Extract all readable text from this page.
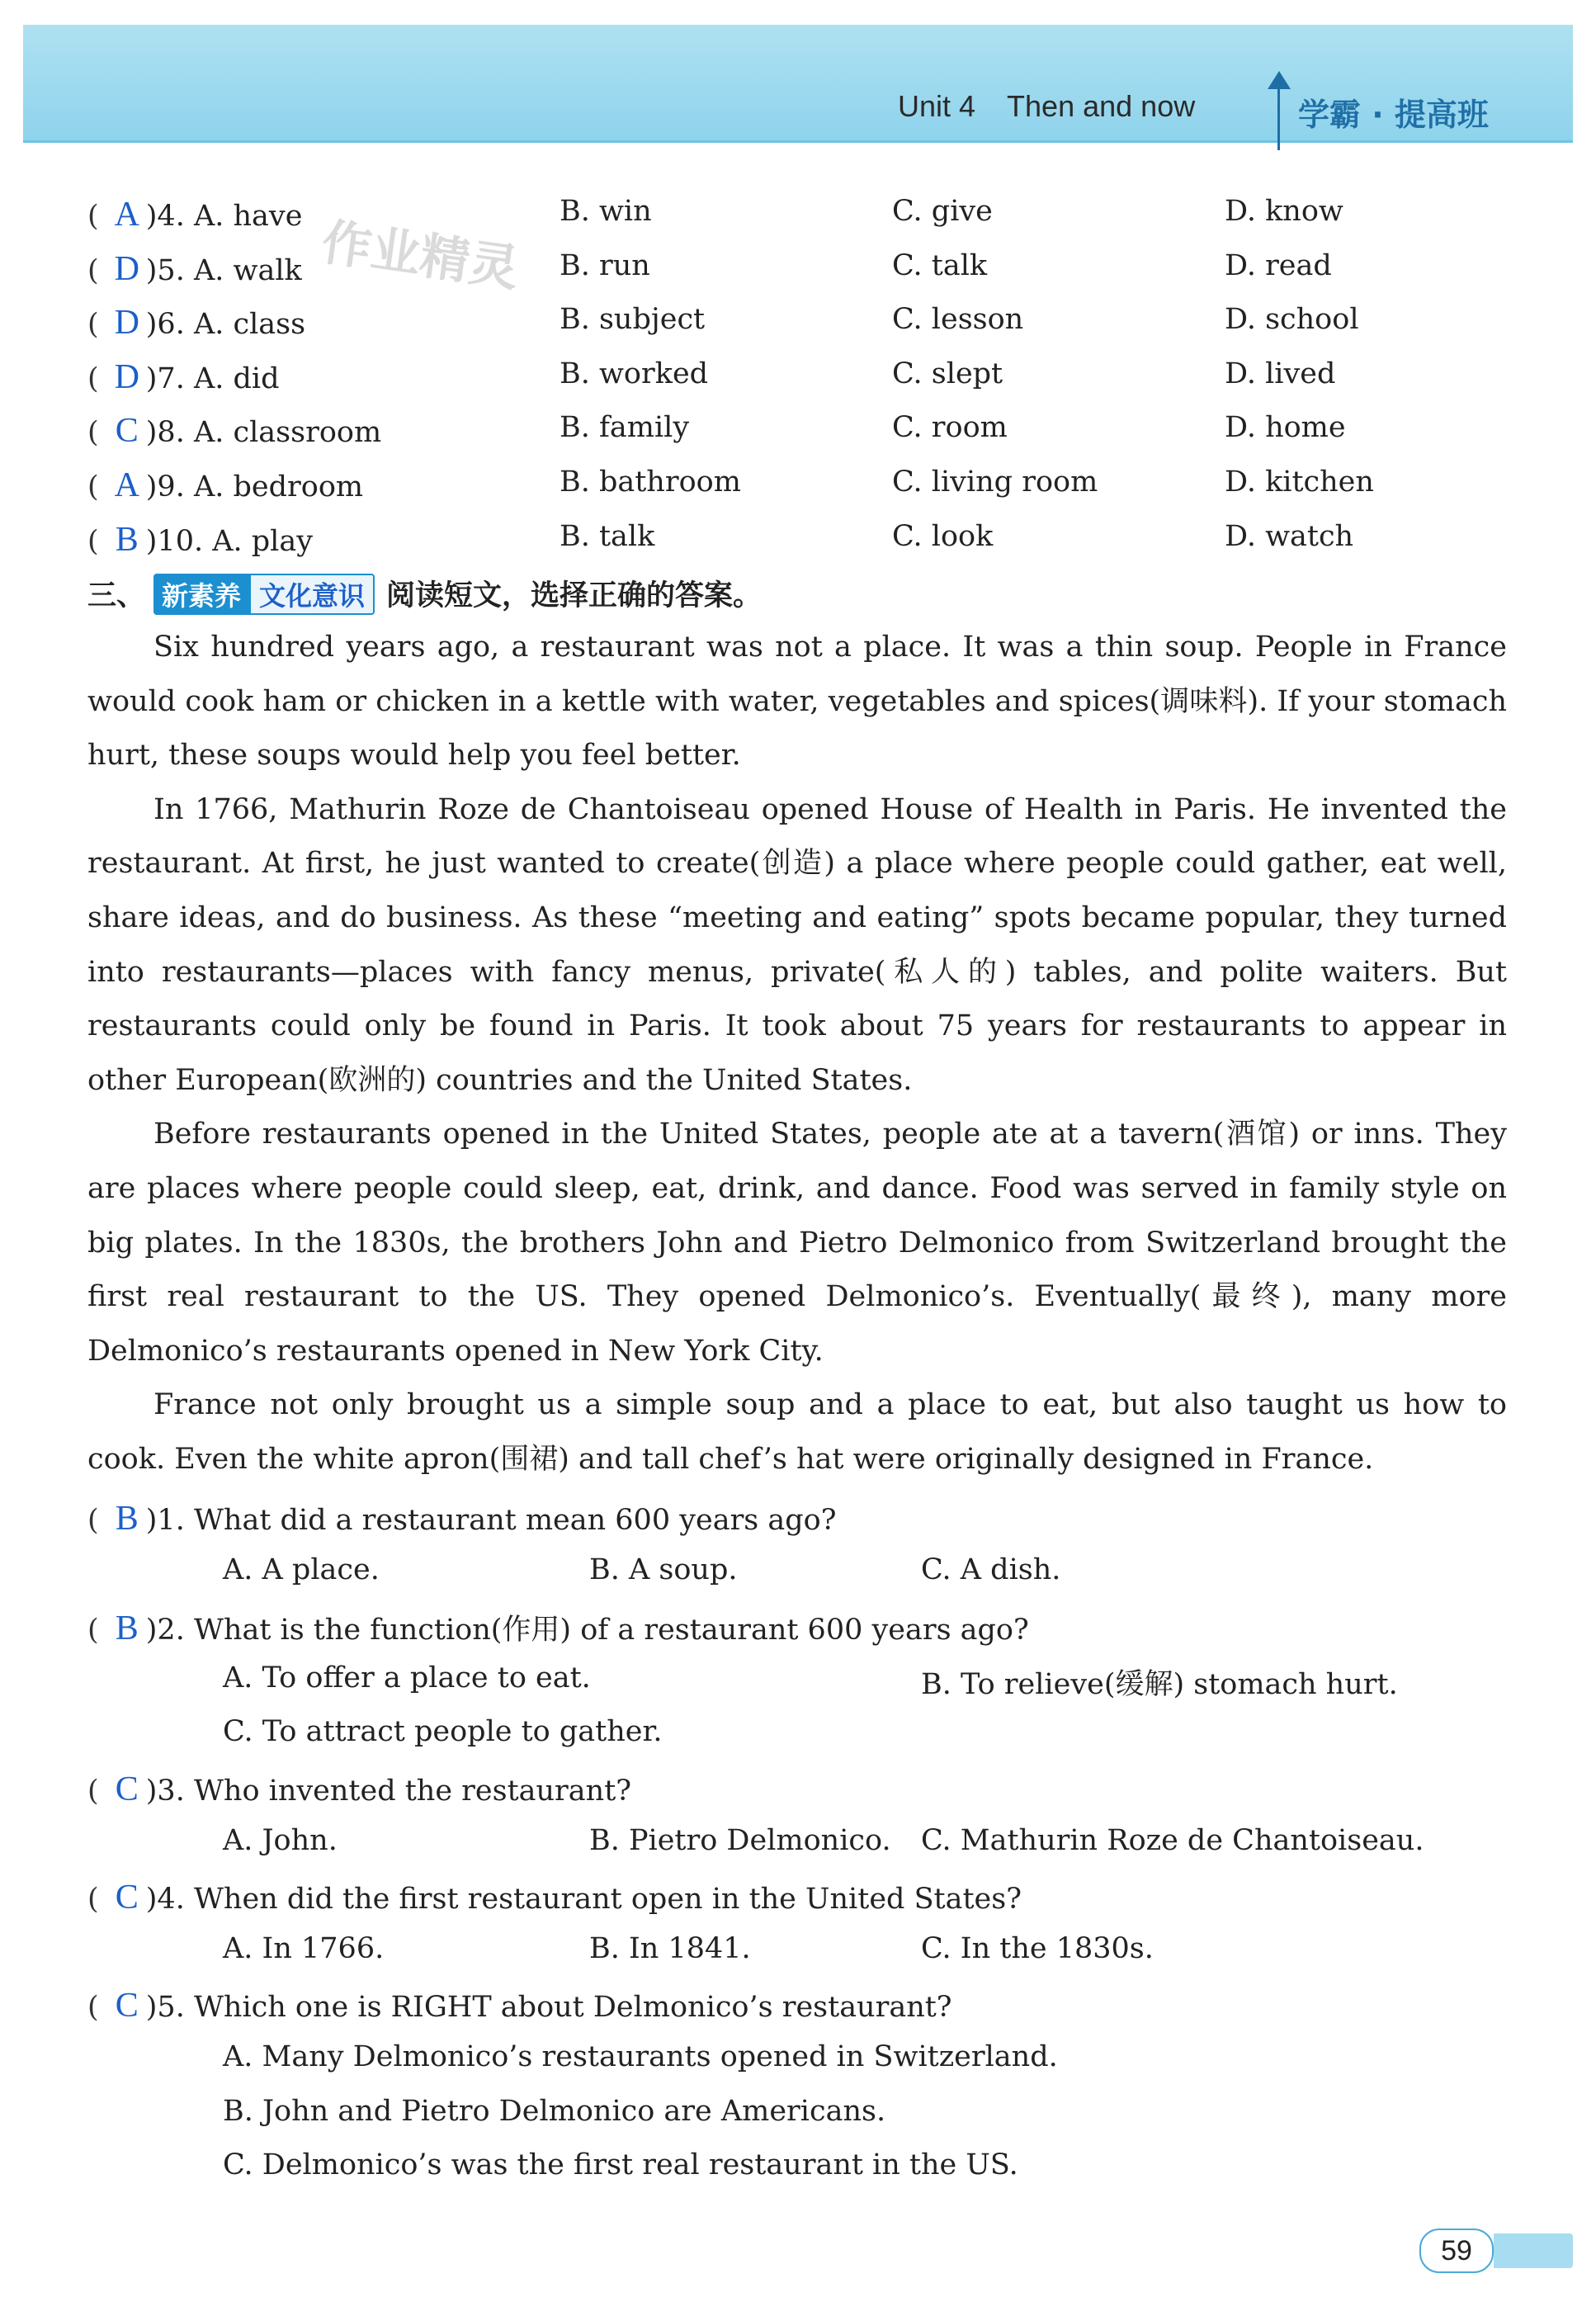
Unit 4 Then and now	学霸 · 提高班
( A )4. A. have	B. win	C. give	D. know
( D )5. A. walk	B. run	C. talk	D. read
( D )6. A. class	B. subject	C. lesson	D. school
( D )7. A. did	B. worked	C. slept	D. lived
( C )8. A. classroom	B. family	C. room	D. home
( A )9. A. bedroom	B. bathroom	C. living room	D. kitchen
( B )10. A. play	B. talk	C. look	D. watch
三、 新素养 文化意识 阅读短文，选择正确的答案。

Six hundred years ago, a restaurant was not a place. It was a thin soup. People in France would cook ham or chicken in a kettle with water, vegetables and spices(调味料). If your stomach hurt, these soups would help you feel better.

In 1766, Mathurin Roze de Chantoiseau opened House of Health in Paris. He invented the restaurant. At first, he just wanted to create(创造) a place where people could gather, eat well, share ideas, and do business. As these “meeting and eating” spots became popular, they turned into restaurants—places with fancy menus, private(私人的) tables, and polite waiters. But restaurants could only be found in Paris. It took about 75 years for restaurants to appear in other European(欧洲的) countries and the United States.

Before restaurants opened in the United States, people ate at a tavern(酒馆) or inns. They are places where people could sleep, eat, drink, and dance. Food was served in family style on big plates. In the 1830s, the brothers John and Pietro Delmonico from Switzerland brought the first real restaurant to the US. They opened Delmonico’s. Eventually(最终), many more Delmonico’s restaurants opened in New York City.

France not only brought us a simple soup and a place to eat, but also taught us how to cook. Even the white apron(围裙) and tall chef’s hat were originally designed in France.

( B )1. What did a restaurant mean 600 years ago?
A. A place.	B. A soup.	C. A dish.
( B )2. What is the function(作用) of a restaurant 600 years ago?
A. To offer a place to eat.	B. To relieve(缓解) stomach hurt.
C. To attract people to gather.
( C )3. Who invented the restaurant?
A. John.	B. Pietro Delmonico. C. Mathurin Roze de Chantoiseau.
( C )4. When did the first restaurant open in the United States?
A. In 1766.	B. In 1841.	C. In the 1830s.
( C )5. Which one is RIGHT about Delmonico’s restaurant?
A. Many Delmonico’s restaurants opened in Switzerland.
B. John and Pietro Delmonico are Americans.
C. Delmonico’s was the first real restaurant in the US.
作业精灵
59
